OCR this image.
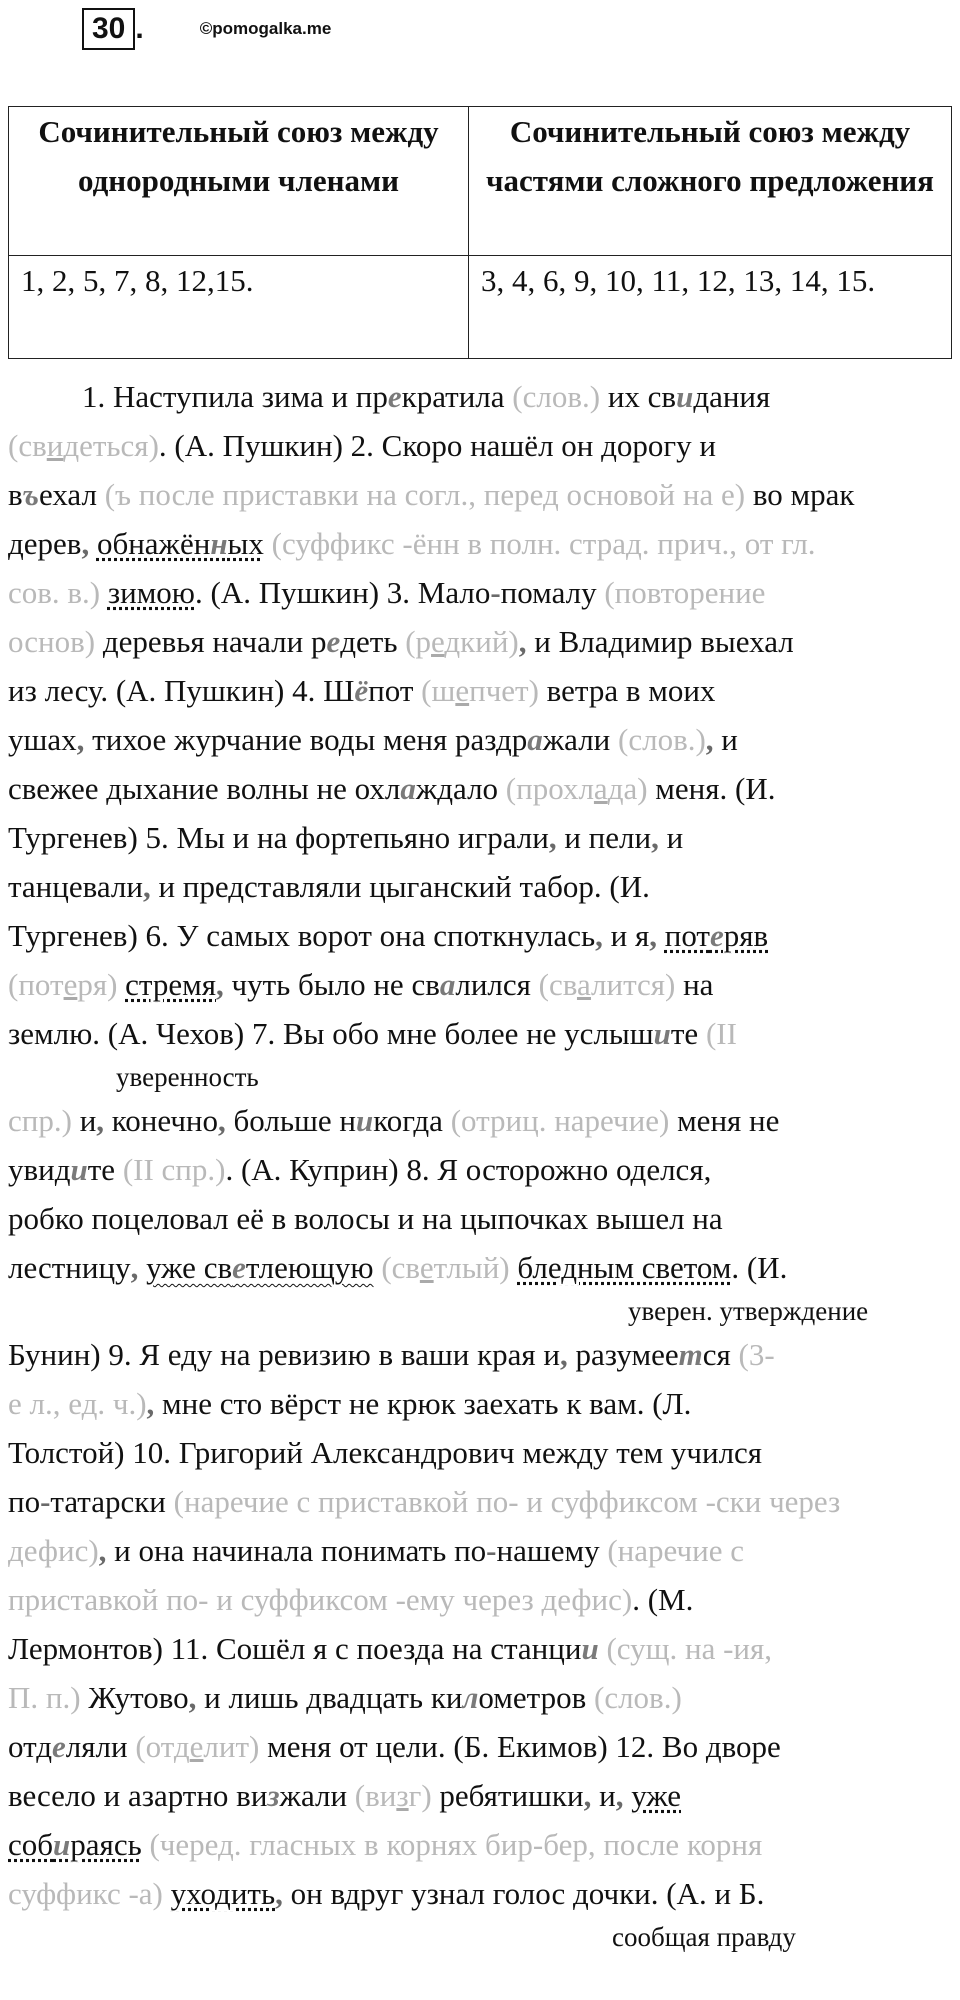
30 .	©pomogalka.me
Сочинительный союз между однородными членами	Сочинительный союз между частями сложного предложения
1, 2, 5, 7, 8, 12,15.	3, 4, 6, 9, 10, 11, 12, 13, 14, 15.
1. Наступила зима и прекратила (слов.) их свидания
(свидеться). (А. Пушкин) 2. Скоро нашёл он дорогу и
въехал (ъ после приставки на согл., перед основой на е) во мрак
дерев, обнажённых (суффикс -ённ в полн. страд. прич., от гл.
сов. в.) зимою. (А. Пушкин) 3. Мало-помалу (повторение
основ) деревья начали редеть (редкий), и Владимир выехал
из лесу. (А. Пушкин) 4. Шёпот (шепчет) ветра в моих
ушах, тихое журчание воды меня раздражали (слов.), и
свежее дыхание волны не охлаждало (прохлада) меня. (И.
Тургенев) 5. Мы и на фортепьяно играли, и пели, и
танцевали, и представляли цыганский табор. (И.
Тургенев) 6. У самых ворот она споткнулась, и я, потеряв
(потеря) стремя, чуть было не свалился (свалится) на
землю. (А. Чехов) 7. Вы обо мне более не услышите (II
уверенность
спр.) и, конечно, больше никогда (отриц. наречие) меня не
увидите (II спр.). (А. Куприн) 8. Я осторожно оделся,
робко поцеловал её в волосы и на цыпочках вышел на
лестницу, уже светлеющую (светлый) бледным светом. (И.
уверен. утверждение
Бунин) 9. Я еду на ревизию в ваши края и, разумеется (3-
е л., ед. ч.), мне сто вёрст не крюк заехать к вам. (Л.
Толстой) 10. Григорий Александрович между тем учился
по-татарски (наречие с приставкой по- и суффиксом -ски через
дефис), и она начинала понимать по-нашему (наречие с
приставкой по- и суффиксом -ему через дефис). (М.
Лермонтов) 11. Сошёл я с поезда на станции (сущ. на -ия,
П. п.) Жутово, и лишь двадцать километров (слов.)
отделяли (отделит) меня от цели. (Б. Екимов) 12. Во дворе
весело и азартно визжали (визг) ребятишки, и, уже
собираясь (черед. гласных в корнях бир-бер, после корня
суффикс -а) уходить, он вдруг узнал голос дочки. (А. и Б.
сообщая правду
